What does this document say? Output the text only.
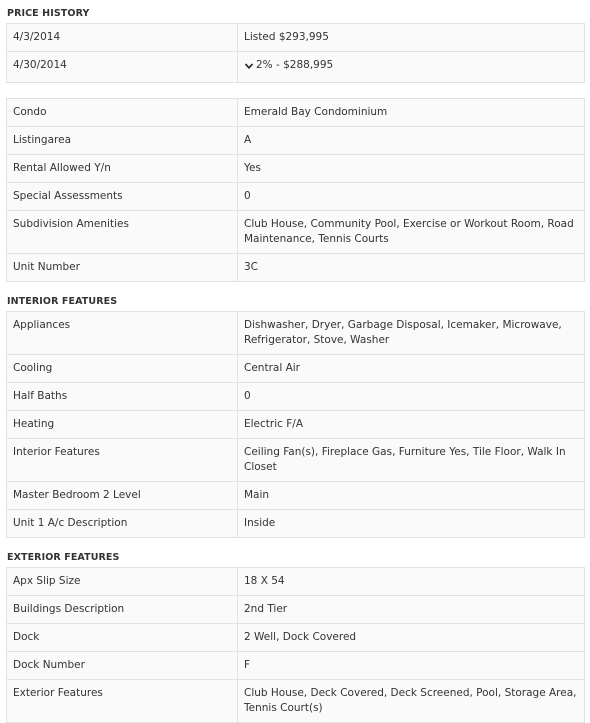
PRICE HISTORY
4/3/2014	Listed $293,995
4/30/2014	2% - $288,995
Condo	Emerald Bay Condominium
Listingarea	A
Rental Allowed Y/n	Yes
Special Assessments	0
Subdivision Amenities	Club House, Community Pool, Exercise or Workout Room, Road Maintenance, Tennis Courts
Unit Number	3C
INTERIOR FEATURES
Appliances	Dishwasher, Dryer, Garbage Disposal, Icemaker, Microwave, Refrigerator, Stove, Washer
Cooling	Central Air
Half Baths	0
Heating	Electric F/A
Interior Features	Ceiling Fan(s), Fireplace Gas, Furniture Yes, Tile Floor, Walk In Closet
Master Bedroom 2 Level	Main
Unit 1 A/c Description	Inside
EXTERIOR FEATURES
Apx Slip Size	18 X 54
Buildings Description	2nd Tier
Dock	2 Well, Dock Covered
Dock Number	F
Exterior Features	Club House, Deck Covered, Deck Screened, Pool, Storage Area, Tennis Court(s)
